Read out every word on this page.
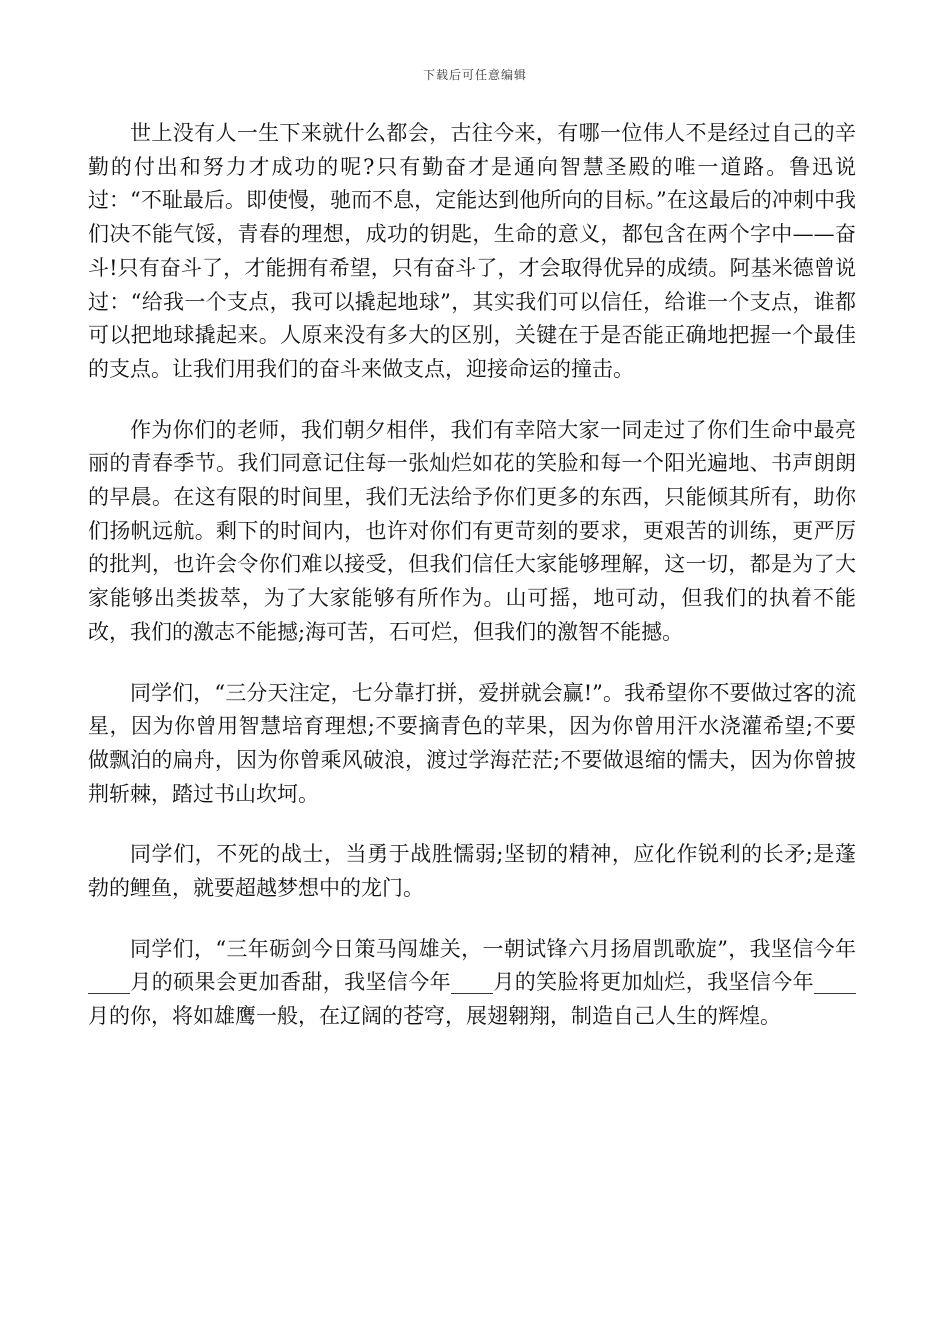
下载后可任意编辑

世上没有人一生下来就什么都会，古往今来，有哪一位伟人不是经过自己的辛勤的付出和努力才成功的呢?只有勤奋才是通向智慧圣殿的唯一道路。鲁迅说过：“不耻最后。即使慢，驰而不息，定能达到他所向的目标。”在这最后的冲刺中我们决不能气馁，青春的理想，成功的钥匙，生命的意义，都包含在两个字中——奋斗!只有奋斗了，才能拥有希望，只有奋斗了，才会取得优异的成绩。阿基米德曾说过：“给我一个支点，我可以撬起地球”，其实我们可以信任，给谁一个支点，谁都可以把地球撬起来。人原来没有多大的区别，关键在于是否能正确地把握一个最佳的支点。让我们用我们的奋斗来做支点，迎接命运的撞击。

作为你们的老师，我们朝夕相伴，我们有幸陪大家一同走过了你们生命中最亮丽的青春季节。我们同意记住每一张灿烂如花的笑脸和每一个阳光遍地、书声朗朗的早晨。在这有限的时间里，我们无法给予你们更多的东西，只能倾其所有，助你们扬帆远航。剩下的时间内，也许对你们有更苛刻的要求，更艰苦的训练，更严厉的批判，也许会令你们难以接受，但我们信任大家能够理解，这一切，都是为了大家能够出类拔萃，为了大家能够有所作为。山可摇，地可动，但我们的执着不能改，我们的激志不能撼;海可苦，石可烂，但我们的激智不能撼。

同学们，“三分天注定，七分靠打拼，爱拼就会赢!”。我希望你不要做过客的流星，因为你曾用智慧培育理想;不要摘青色的苹果，因为你曾用汗水浇灌希望;不要做飘泊的扁舟，因为你曾乘风破浪，渡过学海茫茫;不要做退缩的懦夫，因为你曾披荆斩棘，踏过书山坎坷。

同学们，不死的战士，当勇于战胜懦弱;坚韧的精神，应化作锐利的长矛;是蓬勃的鲤鱼，就要超越梦想中的龙门。

同学们，“三年砺剑今日策马闯雄关，一朝试锋六月扬眉凯歌旋”，我坚信今年____月的硕果会更加香甜，我坚信今年____月的笑脸将更加灿烂，我坚信今年____月的你，将如雄鹰一般，在辽阔的苍穹，展翅翱翔，制造自己人生的辉煌。
